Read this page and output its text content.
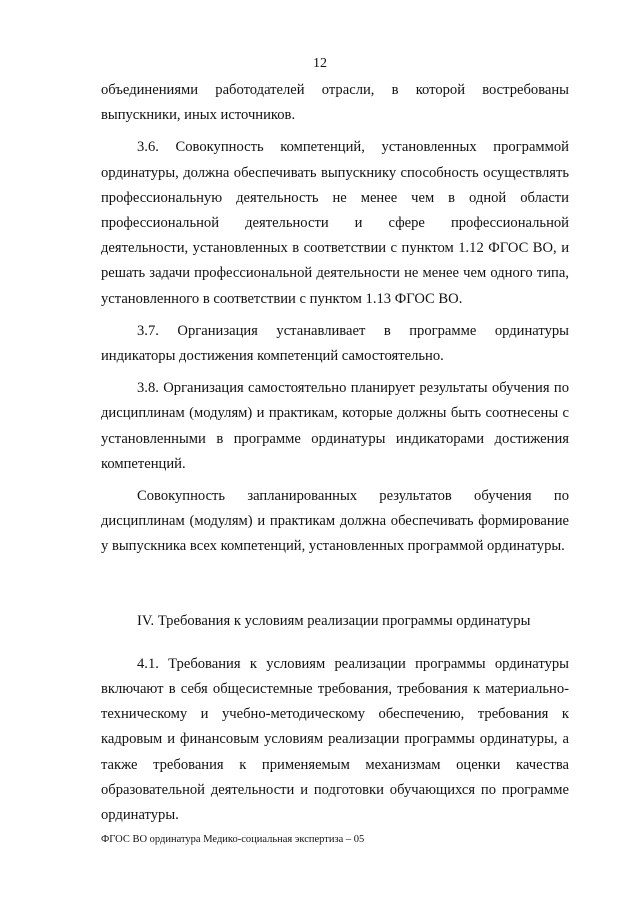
12

объединениями работодателей отрасли, в которой востребованы выпускники, иных источников.

3.6. Совокупность компетенций, установленных программой ординатуры, должна обеспечивать выпускнику способность осуществлять профессиональную деятельность не менее чем в одной области профессиональной деятельности и сфере профессиональной деятельности, установленных в соответствии с пунктом 1.12 ФГОС ВО, и решать задачи профессиональной деятельности не менее чем одного типа, установленного в соответствии с пунктом 1.13 ФГОС ВО.

3.7. Организация устанавливает в программе ординатуры индикаторы достижения компетенций самостоятельно.

3.8. Организация самостоятельно планирует результаты обучения по дисциплинам (модулям) и практикам, которые должны быть соотнесены с установленными в программе ординатуры индикаторами достижения компетенций.

Совокупность запланированных результатов обучения по дисциплинам (модулям) и практикам должна обеспечивать формирование у выпускника всех компетенций, установленных программой ординатуры.

IV. Требования к условиям реализации программы ординатуры

4.1. Требования к условиям реализации программы ординатуры включают в себя общесистемные требования, требования к материально-техническому и учебно-методическому обеспечению, требования к кадровым и финансовым условиям реализации программы ординатуры, а также требования к применяемым механизмам оценки качества образовательной деятельности и подготовки обучающихся по программе ординатуры.

ФГОС ВО ординатура Медико-социальная экспертиза – 05
